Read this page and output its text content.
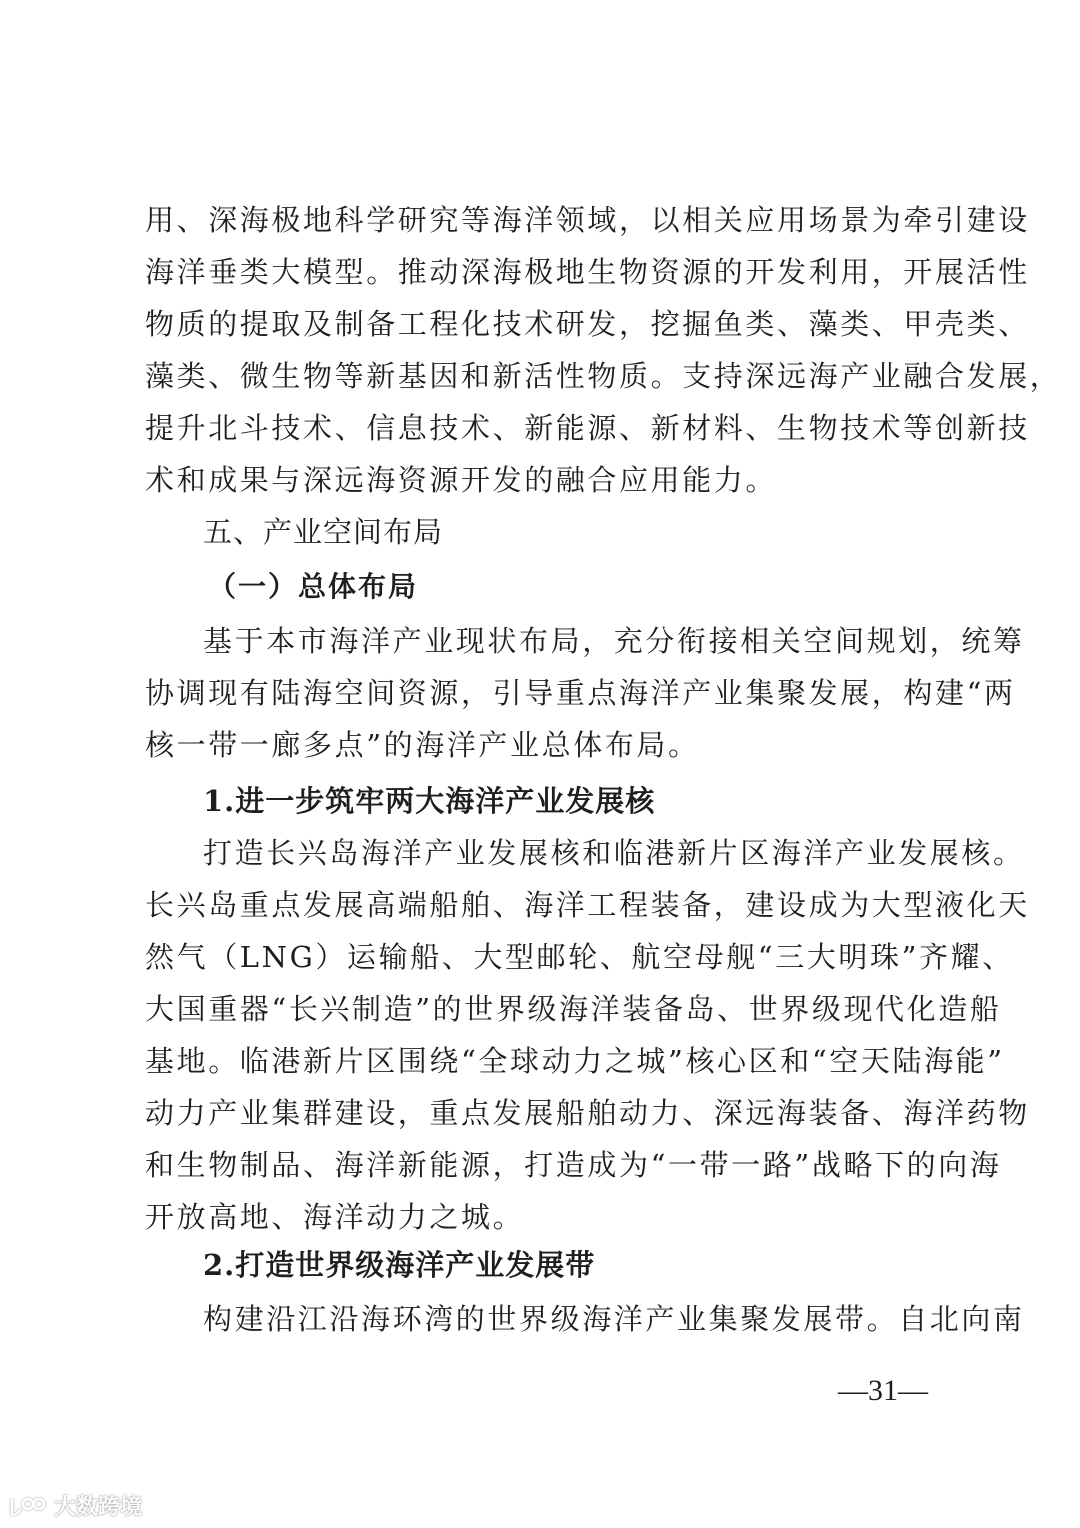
用、深海极地科学研究等海洋领域，以相关应用场景为牵引建设
海洋垂类大模型。推动深海极地生物资源的开发利用，开展活性
物质的提取及制备工程化技术研发，挖掘鱼类、藻类、甲壳类、
藻类、微生物等新基因和新活性物质。支持深远海产业融合发展，
提升北斗技术、信息技术、新能源、新材料、生物技术等创新技
术和成果与深远海资源开发的融合应用能力。
五、产业空间布局
（一）总体布局
基于本市海洋产业现状布局，充分衔接相关空间规划，统筹
协调现有陆海空间资源，引导重点海洋产业集聚发展，构建“两
核一带一廊多点”的海洋产业总体布局。
1.进一步筑牢两大海洋产业发展核
打造长兴岛海洋产业发展核和临港新片区海洋产业发展核。
长兴岛重点发展高端船舶、海洋工程装备，建设成为大型液化天
然气（LNG）运输船、大型邮轮、航空母舰“三大明珠”齐耀、
大国重器“长兴制造”的世界级海洋装备岛、世界级现代化造船
基地。临港新片区围绕“全球动力之城”核心区和“空天陆海能”
动力产业集群建设，重点发展船舶动力、深远海装备、海洋药物
和生物制品、海洋新能源，打造成为“一带一路”战略下的向海
开放高地、海洋动力之城。
2.打造世界级海洋产业发展带
构建沿江沿海环湾的世界级海洋产业集聚发展带。自北向南
—31—
大数跨境
